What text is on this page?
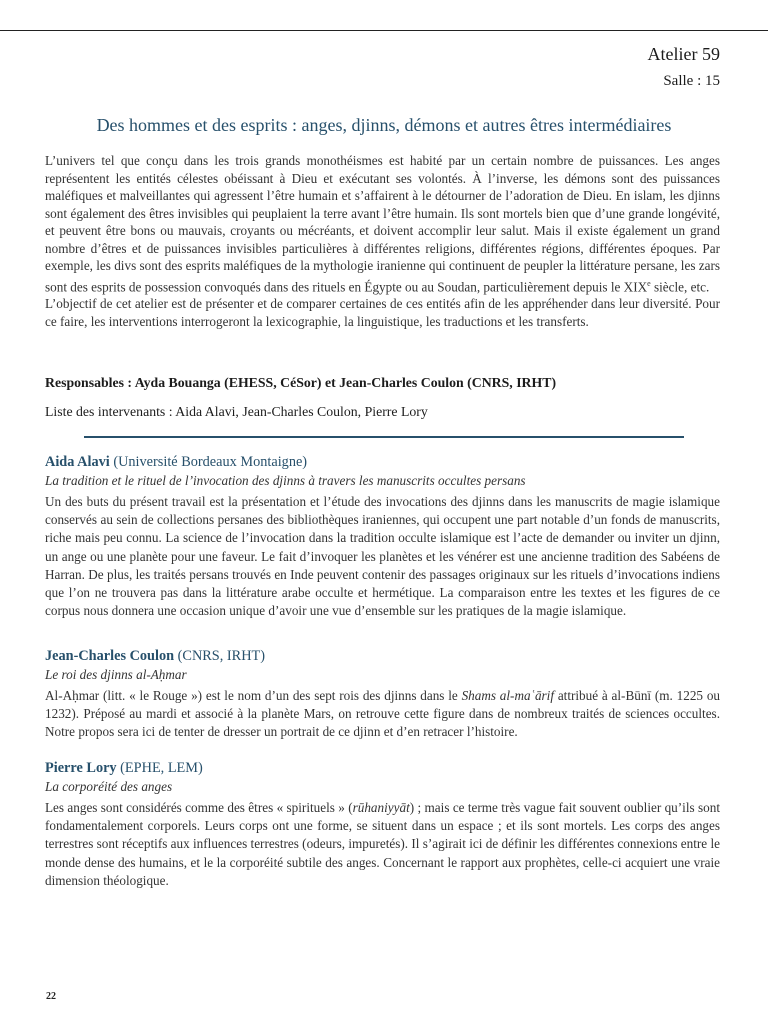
Atelier 59
Salle : 15
Des hommes et des esprits : anges, djinns, démons et autres êtres intermédiaires
L’univers tel que conçu dans les trois grands monothéismes est habité par un certain nombre de puissances. Les anges représentent les entités célestes obéissant à Dieu et exécutant ses volontés. À l’inverse, les démons sont des puissances maléfiques et malveillantes qui agressent l’être humain et s’affairent à le détourner de l’adoration de Dieu. En islam, les djinns sont également des êtres invisibles qui peuplaient la terre avant l’être humain. Ils sont mortels bien que d’une grande longévité, et peuvent être bons ou mauvais, croyants ou mécréants, et doivent accomplir leur salut. Mais il existe également un grand nombre d’êtres et de puissances invisibles particulières à différentes religions, différentes régions, différentes époques. Par exemple, les divs sont des esprits maléfiques de la mythologie iranienne qui continuent de peupler la littérature persane, les zars sont des esprits de possession convoqués dans des rituels en Égypte ou au Soudan, particulièrement depuis le XIXe siècle, etc.
L’objectif de cet atelier est de présenter et de comparer certaines de ces entités afin de les appréhender dans leur diversité. Pour ce faire, les interventions interrogeront la lexicographie, la linguistique, les traductions et les transferts.
Responsables : Ayda Bouanga (EHESS, CéSor) et Jean-Charles Coulon (CNRS, IRHT)
Liste des intervenants : Aida Alavi, Jean-Charles Coulon, Pierre Lory
Aida Alavi (Université Bordeaux Montaigne)
La tradition et le rituel de l’invocation des djinns à travers les manuscrits occultes persans
Un des buts du présent travail est la présentation et l’étude des invocations des djinns dans les manuscrits de magie islamique conservés au sein de collections persanes des bibliothèques iraniennes, qui occupent une part notable d’un fonds de manuscrits, riche mais peu connu. La science de l’invocation dans la tradition occulte islamique est l’acte de demander ou inviter un djinn, un ange ou une planète pour une faveur. Le fait d’invoquer les planètes et les vénérer est une ancienne tradition des Sabéens de Harran. De plus, les traités persans trouvés en Inde peuvent contenir des passages originaux sur les rituels d’invocations indiens que l’on ne trouvera pas dans la littérature arabe occulte et hermétique. La comparaison entre les textes et les figures de ce corpus nous donnera une occasion unique d’avoir une vue d’ensemble sur les pratiques de la magie islamique.
Jean-Charles Coulon (CNRS, IRHT)
Le roi des djinns al-Aḥmar
Al-Aḥmar (litt. « le Rouge ») est le nom d’un des sept rois des djinns dans le Shams al-maʿārif attribué à al-Būnī (m. 1225 ou 1232). Préposé au mardi et associé à la planète Mars, on retrouve cette figure dans de nombreux traités de sciences occultes. Notre propos sera ici de tenter de dresser un portrait de ce djinn et d’en retracer l’histoire.
Pierre Lory (EPHE, LEM)
La corporéité des anges
Les anges sont considérés comme des êtres « spirituels » (rūhaniyyāt) ; mais ce terme très vague fait souvent oublier qu’ils sont fondamentalement corporels. Leurs corps ont une forme, se situent dans un espace ; et ils sont mortels. Les corps des anges terrestres sont réceptifs aux influences terrestres (odeurs, impuretés). Il s’agirait ici de définir les différentes connexions entre le monde dense des humains, et le la corporéité subtile des anges. Concernant le rapport aux prophètes, celle-ci acquiert une vraie dimension théologique.
22
